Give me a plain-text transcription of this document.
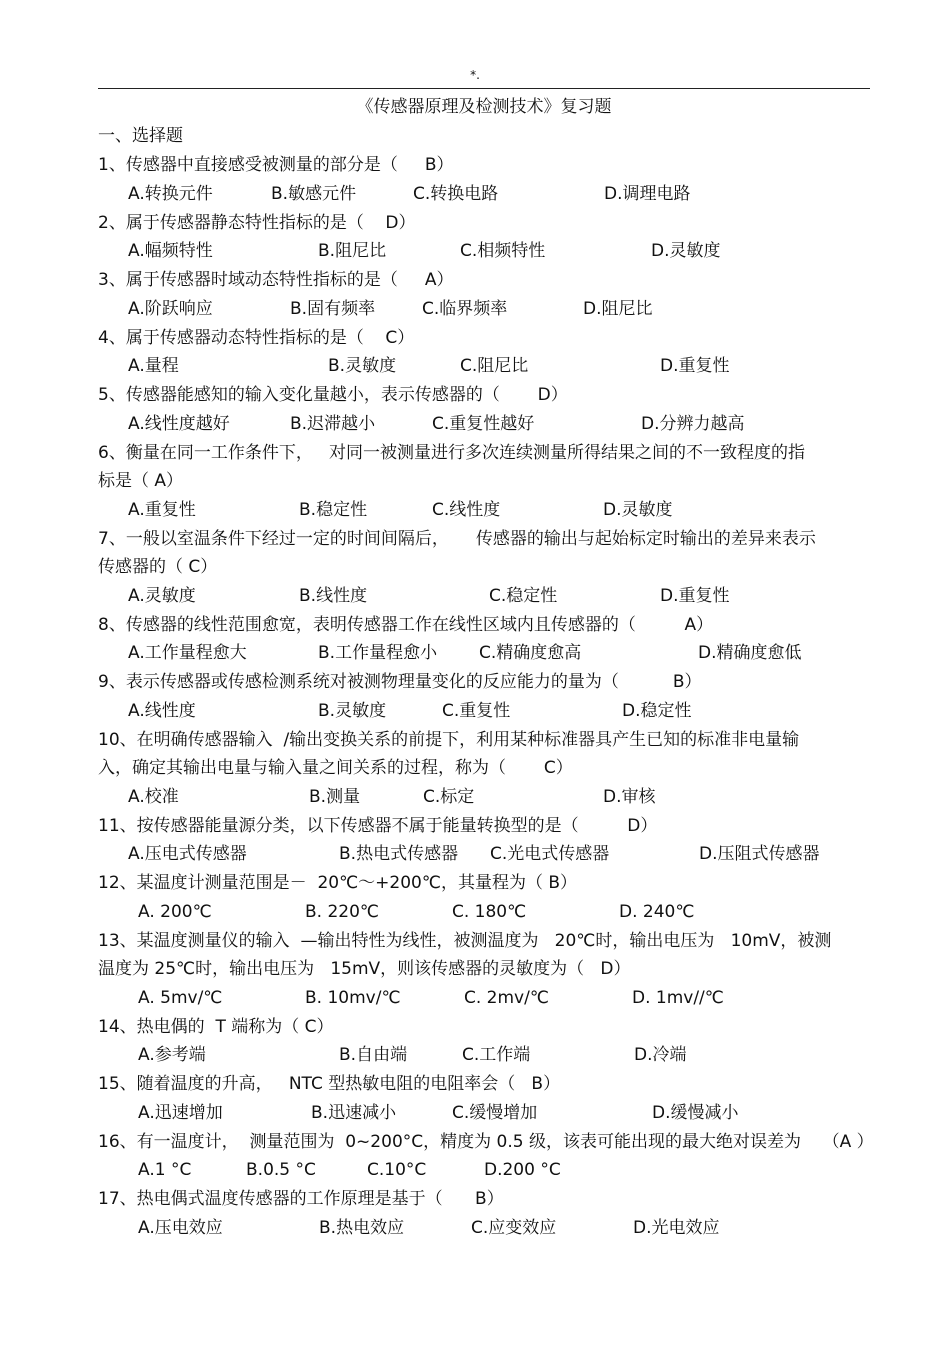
*.
《传感器原理及检测技术》复习题
一、选择题
1、传感器中直接感受被测量的部分是（     B）
A.转换元件	B.敏感元件	C.转换电路	D.调理电路
2、属于传感器静态特性指标的是（    D）
A.幅频特性	B.阻尼比	C.相频特性	D.灵敏度
3、属于传感器时域动态特性指标的是（     A）
A.阶跃响应	B.固有频率	C.临界频率	D.阻尼比
4、属于传感器动态特性指标的是（    C）
A.量程	B.灵敏度	C.阻尼比	D.重复性
5、传感器能感知的输入变化量越小，表示传感器的（       D）
A.线性度越好	B.迟滞越小	C.重复性越好	D.分辨力越高
6、衡量在同一工作条件下，   对同一被测量进行多次连续测量所得结果之间的不一致程度的指
标是（ A）
A.重复性	B.稳定性	C.线性度	D.灵敏度
7、一般以室温条件下经过一定的时间间隔后，     传感器的输出与起始标定时输出的差异来表示
传感器的（ C）
A.灵敏度	B.线性度	C.稳定性	D.重复性
8、传感器的线性范围愈宽，表明传感器工作在线性区域内且传感器的（         A）
A.工作量程愈大	B.工作量程愈小 C.精确度愈高	D.精确度愈低
9、表示传感器或传感检测系统对被测物理量变化的反应能力的量为（          B）
A.线性度	B.灵敏度	C.重复性	D.稳定性
10、在明确传感器输入  /输出变换关系的前提下，利用某种标准器具产生已知的标准非电量输
入，确定其输出电量与输入量之间关系的过程，称为（       C）
A.校准	B.测量	C.标定	D.审核
11、按传感器能量源分类，以下传感器不属于能量转换型的是（         D）
A.压电式传感器	B.热电式传感器 C.光电式传感器	D.压阻式传感器
12、某温度计测量范围是－  20℃～+200℃，其量程为（ B）
A. 200℃	B. 220℃	C. 180℃	D. 240℃
13、某温度测量仪的输入  —输出特性为线性，被测温度为   20℃时，输出电压为   10mV，被测
温度为 25℃时，输出电压为   15mV，则该传感器的灵敏度为（   D）
A. 5mv/℃	B. 10mv/℃	C. 2mv/℃	D. 1mv//℃
14、热电偶的  T 端称为（ C）
A.参考端	B.自由端	C.工作端	D.冷端
15、随着温度的升高，   NTC 型热敏电阻的电阻率会（   B）
A.迅速增加	B.迅速减小	C.缓慢增加	D.缓慢减小
16、有一温度计，  测量范围为  0~200°C，精度为 0.5 级，该表可能出现的最大绝对误差为    （A ）
A.1 °C	B.0.5 °C	C.10°C	D.200 °C
17、热电偶式温度传感器的工作原理是基于（      B）
A.压电效应	B.热电效应	C.应变效应	D.光电效应
